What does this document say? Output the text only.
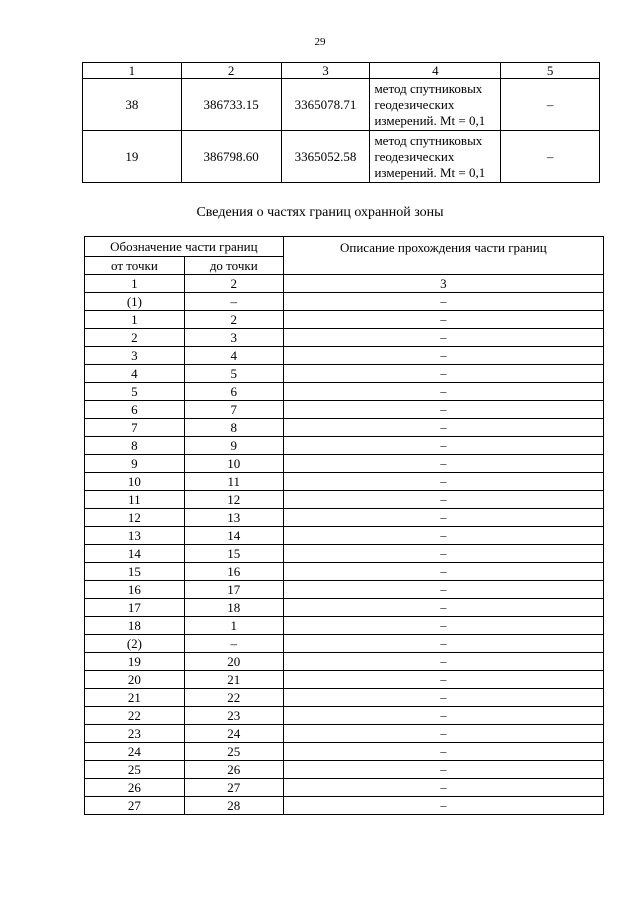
29
1	2	3	4	5
38	386733.15	3365078.71	метод спутниковых
геодезических
измерений. Mt = 0,1	–
19	386798.60	3365052.58	метод спутниковых
геодезических
измерений. Mt = 0,1	–
Сведения о частях границ охранной зоны
Обозначение части границ		Описание прохождения части границ
от точки	до точки	
1	2	3
(1)	–	–
1	2	–
2	3	–
3	4	–
4	5	–
5	6	–
6	7	–
7	8	–
8	9	–
9	10	–
10	11	–
11	12	–
12	13	–
13	14	–
14	15	–
15	16	–
16	17	–
17	18	–
18	1	–
(2)	–	–
19	20	–
20	21	–
21	22	–
22	23	–
23	24	–
24	25	–
25	26	–
26	27	–
27	28	–
